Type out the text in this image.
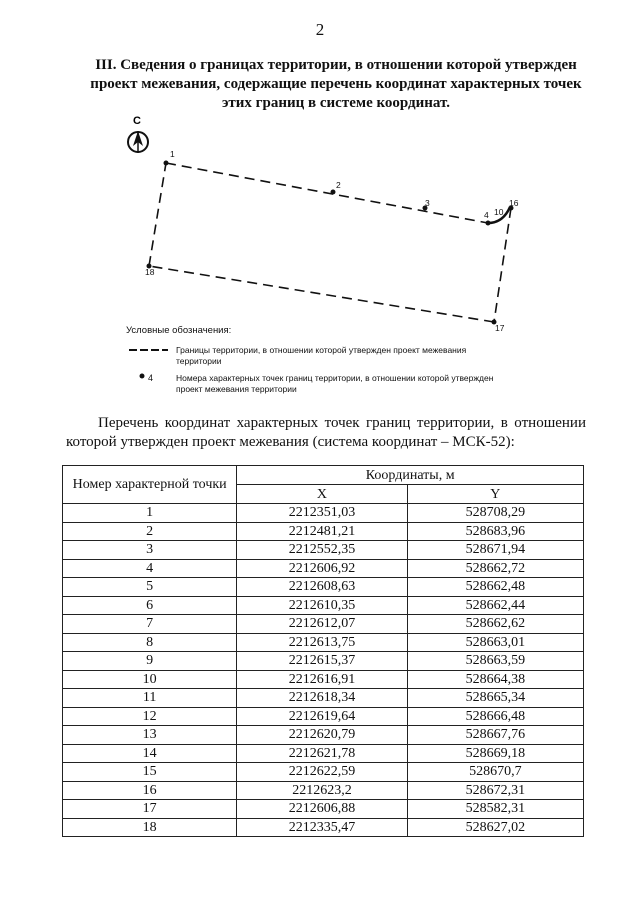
2
III. Сведения о границах территории, в отношении которой утвержден проект межевания, содержащие перечень координат характерных точек этих границ в системе координат.
С
1
2
3
4 10
16
17
18
Условные обозначения:
Границы территории, в отношении которой утвержден проект межевания территории
4	Номера характерных точек границ территории, в отношении которой утвержден проект межевания территории
Перечень координат характерных точек границ территории, в отношении которой утвержден проект межевания (система координат – МСК-52):
Номер характерной точки	Координаты, м	
	X	Y
1	2212351,03	528708,29
2	2212481,21	528683,96
3	2212552,35	528671,94
4	2212606,92	528662,72
5	2212608,63	528662,48
6	2212610,35	528662,44
7	2212612,07	528662,62
8	2212613,75	528663,01
9	2212615,37	528663,59
10	2212616,91	528664,38
11	2212618,34	528665,34
12	2212619,64	528666,48
13	2212620,79	528667,76
14	2212621,78	528669,18
15	2212622,59	528670,7
16	2212623,2	528672,31
17	2212606,88	528582,31
18	2212335,47	528627,02
